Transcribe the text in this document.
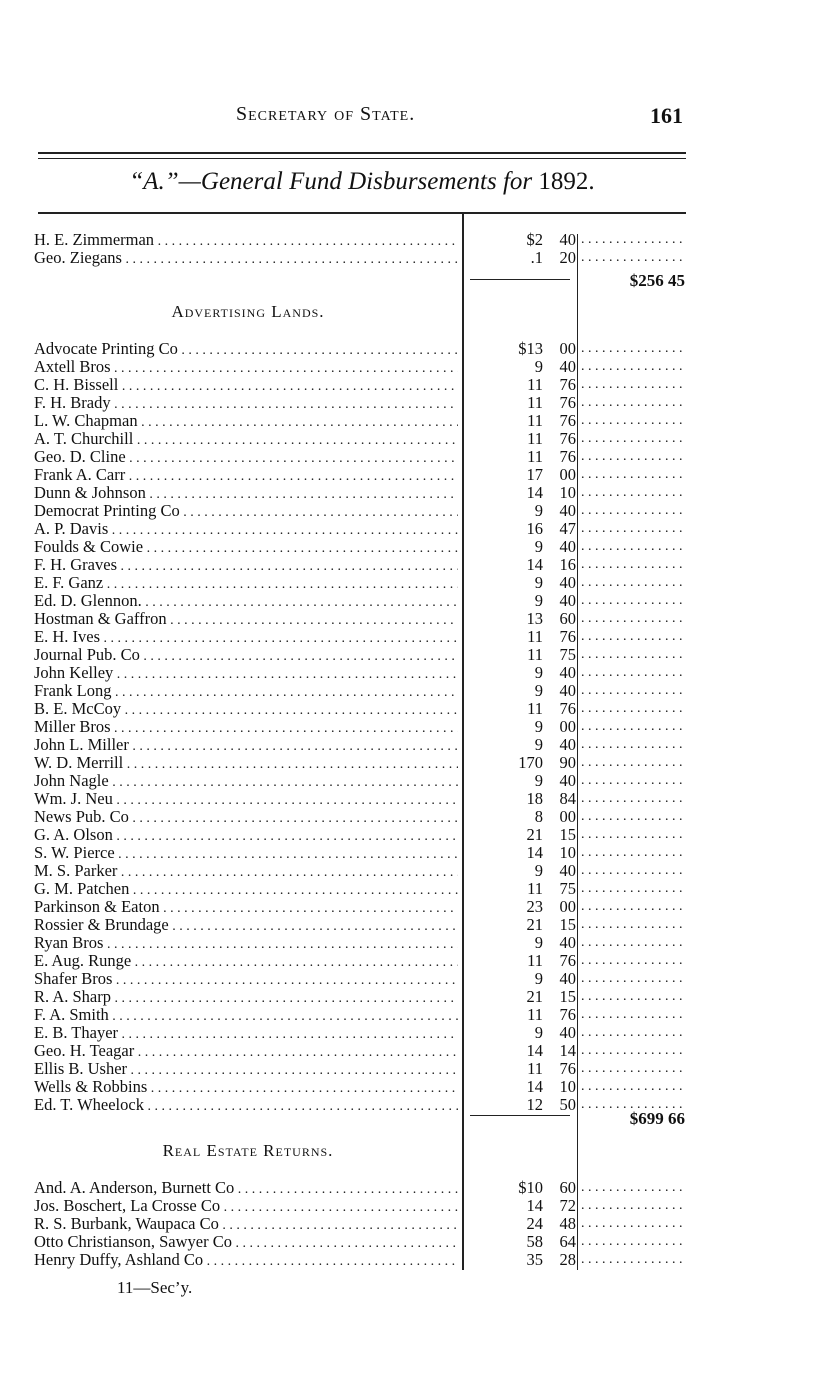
Secretary of State.	161
“A.”—General Fund Disbursements for 1892.
H. E. Zimmerman . . .	$2 40
. . .
Geo. Ziegans . . .	.1 20
. . .
$256 45
Advertising Lands.
Advocate Printing Co . . .	$13 00
. . .
Axtell Bros . . .	9 40
. . .
C. H. Bissell . . .	11 76
. . .
F. H. Brady . . .	11 76
. . .
L. W. Chapman . . .	11 76
. . .
A. T. Churchill . . .	11 76
. . .
Geo. D. Cline . . .	11 76
. . .
Frank A. Carr . . .	17 00
. . .
Dunn & Johnson . . .	14 10
. . .
Democrat Printing Co . . .	9 40
. . .
A. P. Davis . . .	16 47
. . .
Foulds & Cowie . . .	9 40
. . .
F. H. Graves . . .	14 16
. . .
E. F. Ganz . . .	9 40
. . .
Ed. D. Glennon. . . .	9 40
. . .
Hostman & Gaffron . . .	13 60
. . .
E. H. Ives . . .	11 76
. . .
Journal Pub. Co . . .	11 75
. . .
John Kelley . . .	9 40
. . .
Frank Long . . .	9 40
. . .
B. E. McCoy . . .	11 76
. . .
Miller Bros . . .	9 00
. . .
John L. Miller . . .	9 40
. . .
W. D. Merrill . . .	170 90
. . .
John Nagle . . .	9 40
. . .
Wm. J. Neu . . .	18 84
. . .
News Pub. Co . . .	8 00
. . .
G. A. Olson . . .	21 15
. . .
S. W. Pierce . . .	14 10
. . .
M. S. Parker . . .	9 40
. . .
G. M. Patchen . . .	11 75
. . .
Parkinson & Eaton . . .	23 00
. . .
Rossier & Brundage . . .	21 15
. . .
Ryan Bros . . .	9 40
. . .
E. Aug. Runge . . .	11 76
. . .
Shafer Bros . . .	9 40
. . .
R. A. Sharp . . .	21 15
. . .
F. A. Smith . . .	11 76
. . .
E. B. Thayer . . .	9 40
. . .
Geo. H. Teagar . . .	14 14
. . .
Ellis B. Usher . . .	11 76
. . .
Wells & Robbins . . .	14 10
. . .
Ed. T. Wheelock . . .	12 50
. . .
$699 66
Real Estate Returns.
And. A. Anderson, Burnett Co . . .	$10 60
. . .
Jos. Boschert, La Crosse Co . . .	14 72
. . .
R. S. Burbank, Waupaca Co . . .	24 48
. . .
Otto Christianson, Sawyer Co . . .	58 64
. . .
Henry Duffy, Ashland Co . . .	35 28
. . .
11—Sec’y.
